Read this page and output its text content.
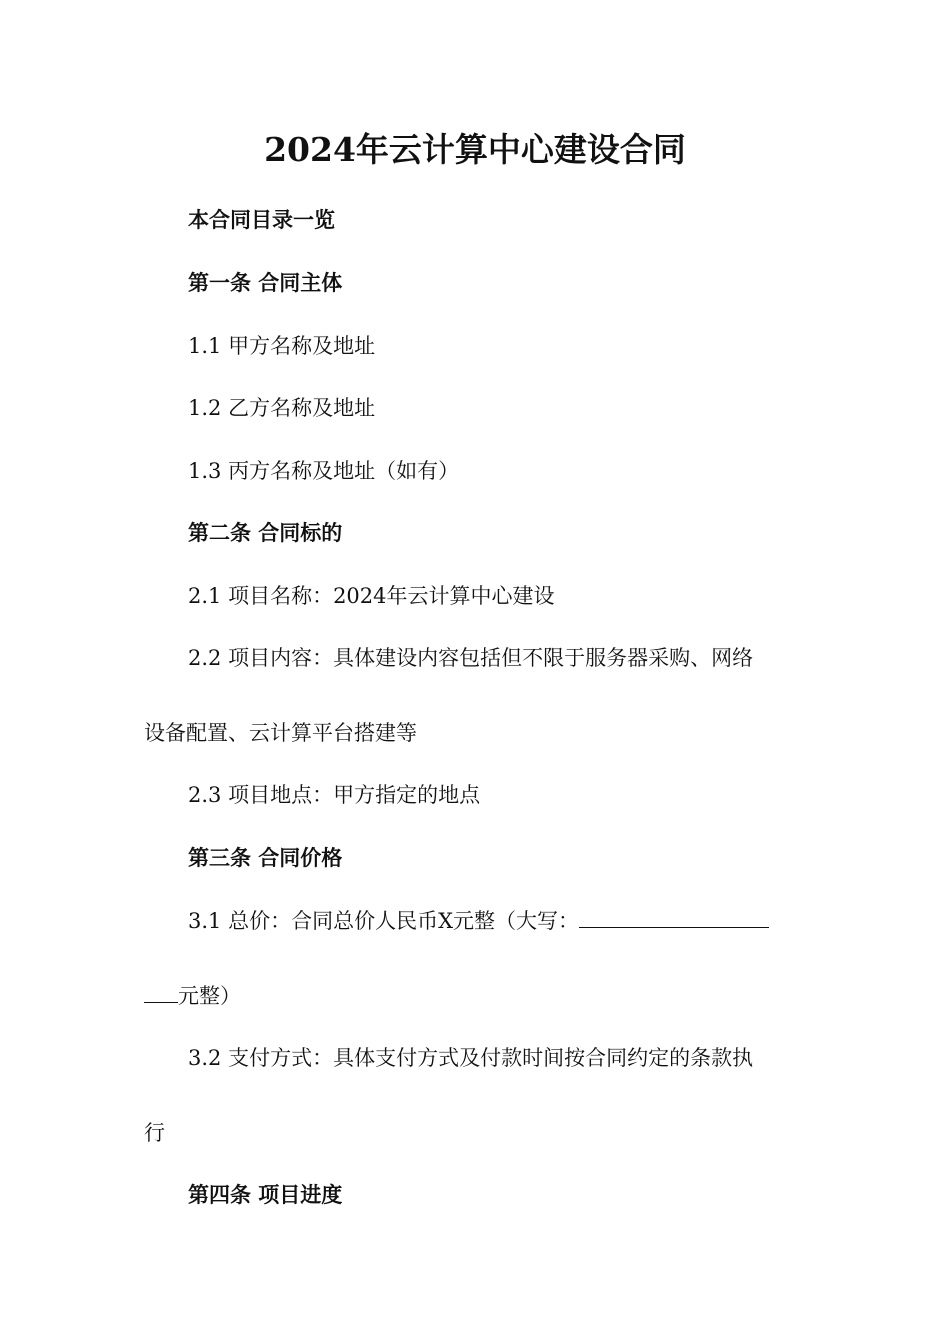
2024年云计算中心建设合同
本合同目录一览
第一条 合同主体
1.1 甲方名称及地址
1.2 乙方名称及地址
1.3 丙方名称及地址（如有）
第二条 合同标的
2.1 项目名称：2024年云计算中心建设
2.2 项目内容：具体建设内容包括但不限于服务器采购、网络
设备配置、云计算平台搭建等
2.3 项目地点：甲方指定的地点
第三条 合同价格
3.1 总价：合同总价人民币X元整（大写：
元整）
3.2 支付方式：具体支付方式及付款时间按合同约定的条款执
行
第四条 项目进度
